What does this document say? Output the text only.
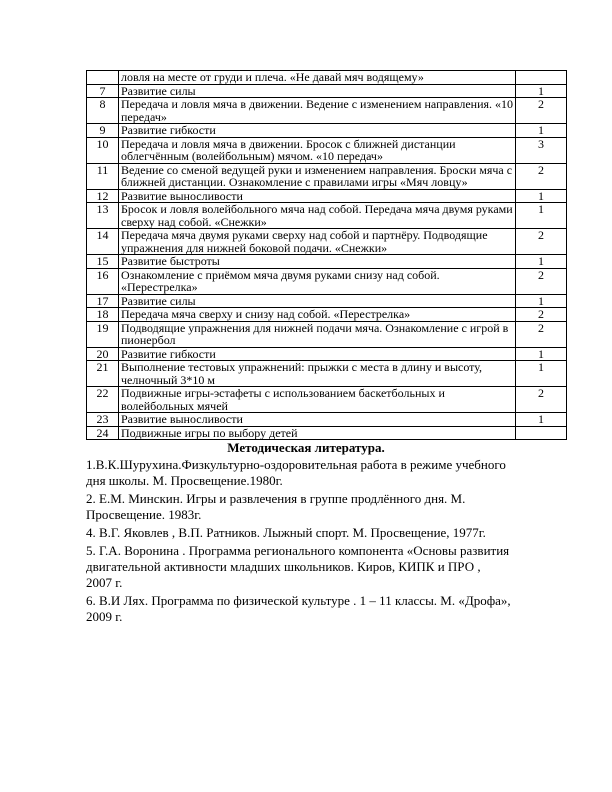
	ловля на месте от груди и плеча. «Не давай мяч водящему»	
7	Развитие силы	1
8	Передача и ловля мяча в движении. Ведение с изменением направления. «10 передач»	2
9	Развитие гибкости	1
10	Передача и ловля мяча в движении. Бросок с ближней дистанции облегчённым (волейбольным) мячом. «10 передач»	3
11	Ведение со сменой ведущей руки и изменением направления. Броски мяча с ближней дистанции. Ознакомление с правилами игры «Мяч ловцу»	2
12	Развитие выносливости	1
13	Бросок и ловля волейбольного мяча над собой. Передача мяча двумя руками сверху над собой. «Снежки»	1
14	Передача мяча двумя руками сверху над собой и партнёру. Подводящие упражнения для нижней боковой подачи. «Снежки»	2
15	Развитие быстроты	1
16	Ознакомление с приёмом мяча двумя руками снизу над собой. «Перестрелка»	2
17	Развитие силы	1
18	Передача мяча сверху и снизу над собой. «Перестрелка»	2
19	Подводящие упражнения для нижней подачи мяча. Ознакомление с игрой в пионербол	2
20	Развитие гибкости	1
21	Выполнение тестовых упражнений: прыжки с места в длину и высоту, челночный 3*10 м	1
22	Подвижные игры-эстафеты с использованием баскетбольных и волейбольных мячей	2
23	Развитие выносливости	1
24	Подвижные игры по выбору детей	
Методическая литература.

1.В.К.Шурухина.Физкультурно-оздоровительная работа в режиме учебного дня школы. М. Просвещение.1980г.

2. Е.М. Минскин. Игры и развлечения в группе продлённого дня. М. Просвещение. 1983г.

4. В.Г. Яковлев , В.П. Ратников. Лыжный спорт. М. Просвещение, 1977г.

5. Г.А. Воронина . Программа регионального компонента «Основы развития двигательной активности младших школьников. Киров, КИПК и ПРО ,
2007 г.

6. В.И Лях. Программа по физической культуре . 1 – 11 классы. М. «Дрофа», 2009 г.
